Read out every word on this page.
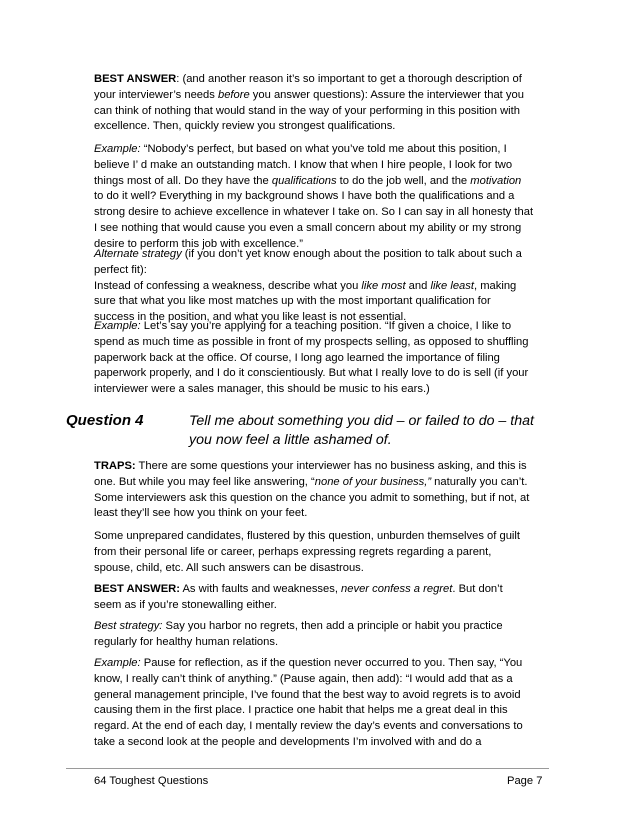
BEST ANSWER: (and another reason it’s so important to get a thorough description of
your interviewer’s needs before you answer questions): Assure the interviewer that you
can think of nothing that would stand in the way of your performing in this position with
excellence. Then, quickly review you strongest qualifications.
Example: “Nobody’s perfect, but based on what you’ve told me about this position, I
believe I’ d make an outstanding match. I know that when I hire people, I look for two
things most of all. Do they have the qualifications to do the job well, and the motivation
to do it well? Everything in my background shows I have both the qualifications and a
strong desire to achieve excellence in whatever I take on. So I can say in all honesty that
I see nothing that would cause you even a small concern about my ability or my strong
desire to perform this job with excellence.”
Alternate strategy (if you don’t yet know enough about the position to talk about such a
perfect fit):
Instead of confessing a weakness, describe what you like most and like least, making
sure that what you like most matches up with the most important qualification for
success in the position, and what you like least is not essential.
Example: Let’s say you’re applying for a teaching position. “If given a choice, I like to
spend as much time as possible in front of my prospects selling, as opposed to shuffling
paperwork back at the office. Of course, I long ago learned the importance of filing
paperwork properly, and I do it conscientiously. But what I really love to do is sell (if your
interviewer were a sales manager, this should be music to his ears.)
Question 4	Tell me about something you did – or failed to do – that
you now feel a little ashamed of.
TRAPS: There are some questions your interviewer has no business asking, and this is
one. But while you may feel like answering, “none of your business,” naturally you can’t.
Some interviewers ask this question on the chance you admit to something, but if not, at
least they’ll see how you think on your feet.
Some unprepared candidates, flustered by this question, unburden themselves of guilt
from their personal life or career, perhaps expressing regrets regarding a parent,
spouse, child, etc. All such answers can be disastrous.
BEST ANSWER: As with faults and weaknesses, never confess a regret. But don’t
seem as if you’re stonewalling either.
Best strategy: Say you harbor no regrets, then add a principle or habit you practice
regularly for healthy human relations.
Example: Pause for reflection, as if the question never occurred to you. Then say, “You
know, I really can’t think of anything.” (Pause again, then add): “I would add that as a
general management principle, I’ve found that the best way to avoid regrets is to avoid
causing them in the first place. I practice one habit that helps me a great deal in this
regard. At the end of each day, I mentally review the day’s events and conversations to
take a second look at the people and developments I’m involved with and do a
64 Toughest Questions	Page 7
